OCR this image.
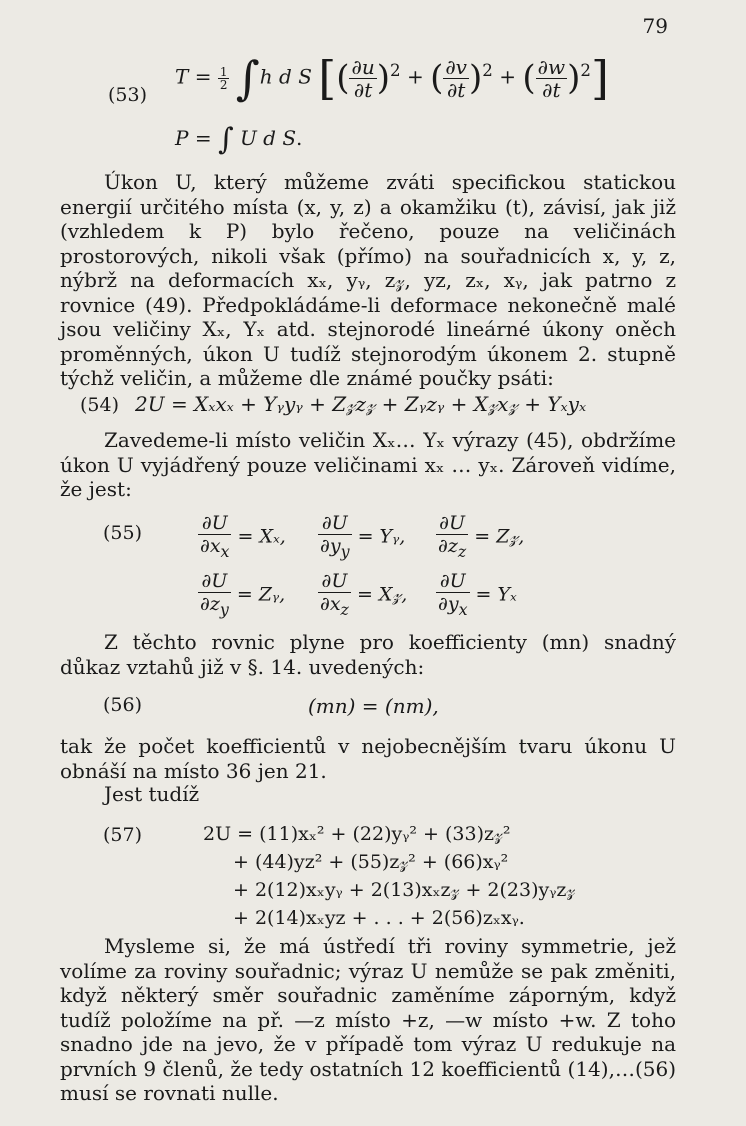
79
(53)
$T = \frac{1}{2} \int h$ d S [( $\frac{\partial u}{\partial t} )^2$ + ( $\frac{\partial v}{\partial t} )^2$ + ( $\frac{\partial w}{\partial t} )^2$]
P = ∫ U d S.
Úkon U, který můžeme zváti specifickou statickou energií určitého místa (x, y, z) a okamžiku (t), závisí, jak již (vzhledem k P) bylo řečeno, pouze na veličinách prostorových, nikoli však (přímo) na souřadnicích x, y, z, nýbrž na deformacích xₓ, yᵧ, z𝓏, yz, zₓ, xᵧ, jak patrno z rovnice (49). Předpokládáme-li deformace nekonečně malé jsou veličiny Xₓ, Yₓ atd. stejnorodé lineárné úkony oněch proměnných, úkon U tudíž stejnorodým úkonem 2. stupně týchž veličin, a můžeme dle známé poučky psáti:
(54) 2U = Xₓxₓ + Yᵧyᵧ + Z𝓏z𝓏 + Zᵧzᵧ + X𝓏x𝓏 + Yₓyₓ
Zavedeme-li místo veličin Xₓ… Yₓ výrazy (45), obdržíme úkon U vyjádřený pouze veličinami xₓ … yₓ. Zároveň vidíme, že jest:
(55)	$\frac{\partial U}{\partial x_x} = X_x$, $\frac{\partial U}{\partial y_y}$ = Yᵧ, $\frac{\partial U}{\partial z_z}$ = Z𝓏,
$\frac{\partial U}{\partial z_y}$ = Zᵧ, $\frac{\partial U}{\partial x_z}$ = X𝓏, $\frac{\partial U}{\partial y_x} = Y_x$
Z těchto rovnic plyne pro koefficienty (mn) snadný důkaz vztahů již v §. 14. uvedených:
(56)	(mn) = (nm),
tak že počet koefficientů v nejobecnějším tvaru úkonu U obnáší na místo 36 jen 21.
Jest tudíž
(57)	2U = (11)xₓ² + (22)yᵧ² + (33)z𝓏²
+ (44)yz² + (55)z𝓏² + (66)xᵧ²
+ 2(12)xₓyᵧ + 2(13)xₓz𝓏 + 2(23)yᵧz𝓏
+ 2(14)xₓyz + . . . + 2(56)zₓxᵧ.
Mysleme si, že má ústředí tři roviny symmetrie, jež volíme za roviny souřadnic; výraz U nemůže se pak změniti, když některý směr souřadnic zaměníme záporným, když tudíž položíme na př. —z místo +z, —w místo +w. Z toho snadno jde na jevo, že v případě tom výraz U redukuje na prvních 9 členů, že tedy ostatních 12 koefficientů (14),…(56) musí se rovnati nulle.
